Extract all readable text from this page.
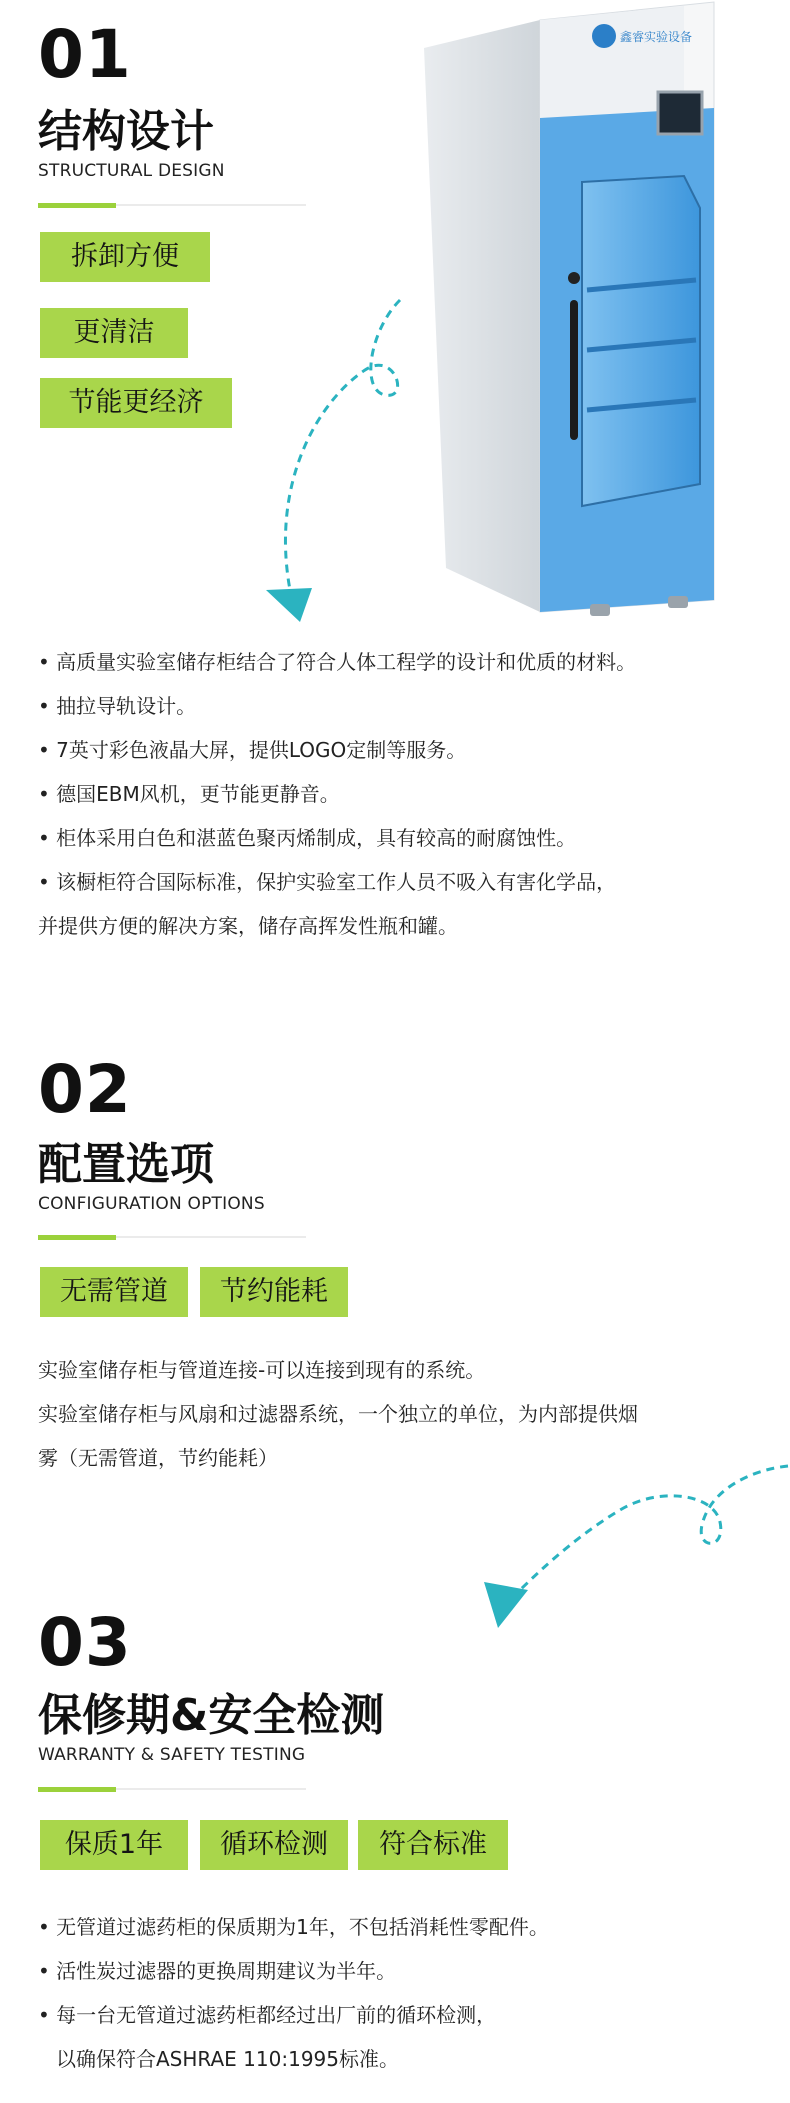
01
结构设计
STRUCTURAL DESIGN
拆卸方便
更清洁
节能更经济
鑫睿实验设备
• 高质量实验室储存柜结合了符合人体工程学的设计和优质的材料。
• 抽拉导轨设计。
• 7英寸彩色液晶大屏，提供LOGO定制等服务。
• 德国EBM风机，更节能更静音。
• 柜体采用白色和湛蓝色聚丙烯制成，具有较高的耐腐蚀性。
• 该橱柜符合国际标准，保护实验室工作人员不吸入有害化学品，
并提供方便的解决方案，储存高挥发性瓶和罐。
02
配置选项
CONFIGURATION OPTIONS
无需管道	节约能耗
实验室储存柜与管道连接-可以连接到现有的系统。
实验室储存柜与风扇和过滤器系统，一个独立的单位，为内部提供烟
雾（无需管道，节约能耗）
03
保修期&安全检测
WARRANTY & SAFETY TESTING
保质1年	循环检测	符合标准
• 无管道过滤药柜的保质期为1年，不包括消耗性零配件。
• 活性炭过滤器的更换周期建议为半年。
• 每一台无管道过滤药柜都经过出厂前的循环检测，
以确保符合ASHRAE 110:1995标准。
